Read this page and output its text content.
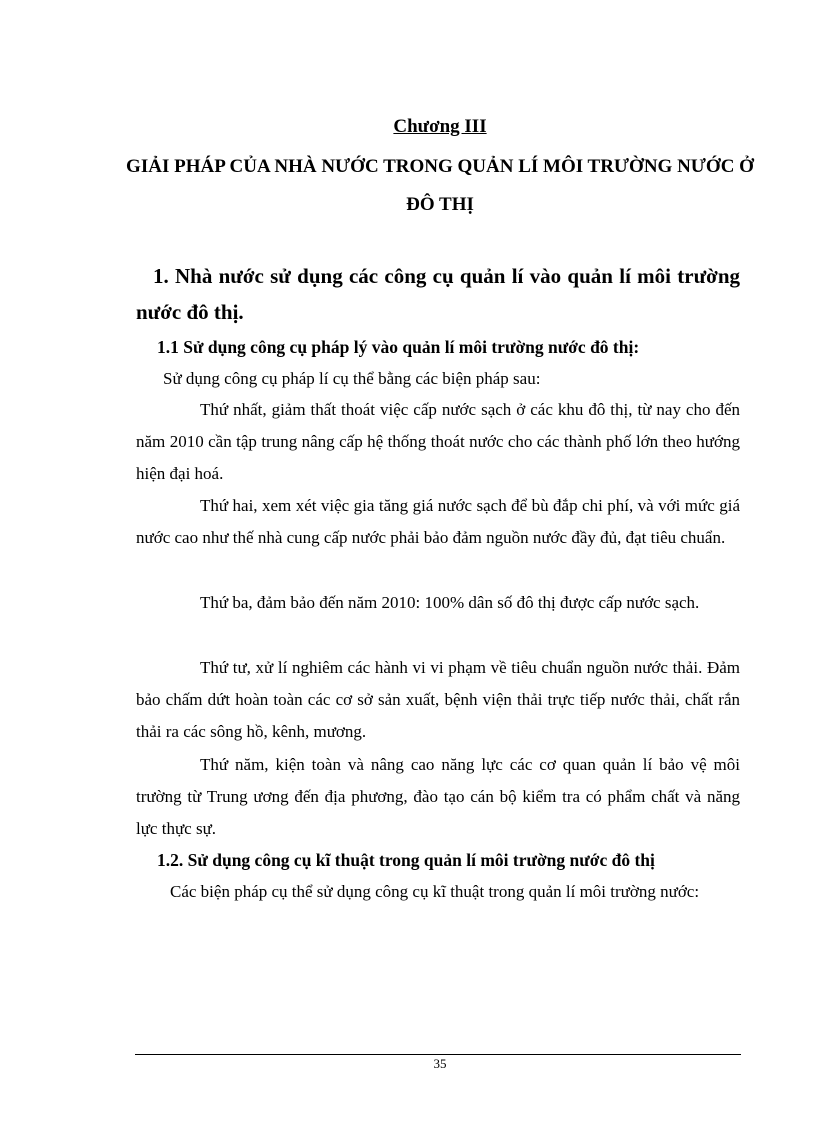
Chương III
GIẢI PHÁP CỦA NHÀ NƯỚC TRONG QUẢN LÍ MÔI TRƯỜNG NƯỚC Ở ĐÔ THỊ
1. Nhà nước sử dụng các công cụ quản lí vào quản lí môi trường nước đô thị.
1.1 Sử dụng công cụ pháp lý vào quản lí môi trường nước đô thị:

Sử dụng công cụ pháp lí cụ thể bằng các biện pháp sau:

Thứ nhất, giảm thất thoát việc cấp nước sạch ở các khu đô thị, từ nay cho đến năm 2010 cần tập trung nâng cấp hệ thống thoát nước cho các thành phố lớn theo hướng hiện đại hoá.

Thứ hai, xem xét việc gia tăng giá nước sạch để bù đắp chi phí, và với mức giá nước cao như thế nhà cung cấp nước phải bảo đảm nguồn nước đầy đủ, đạt tiêu chuẩn.

Thứ ba, đảm bảo đến năm 2010: 100% dân số đô thị được cấp nước sạch.

Thứ tư, xử lí nghiêm các hành vi vi phạm về tiêu chuẩn nguồn nước thải. Đảm bảo chấm dứt hoàn toàn các cơ sở sản xuất, bệnh viện thải trực tiếp nước thải, chất rắn thải ra các sông hồ, kênh, mương.

Thứ năm, kiện toàn và nâng cao năng lực các cơ quan quản lí bảo vệ môi trường từ Trung ương đến địa phương, đào tạo cán bộ kiểm tra có phẩm chất và năng lực thực sự.

1.2. Sử dụng công cụ kĩ thuật trong quản lí môi trường nước đô thị

Các biện pháp cụ thể sử dụng công cụ kĩ thuật trong quản lí môi trường nước:

35
